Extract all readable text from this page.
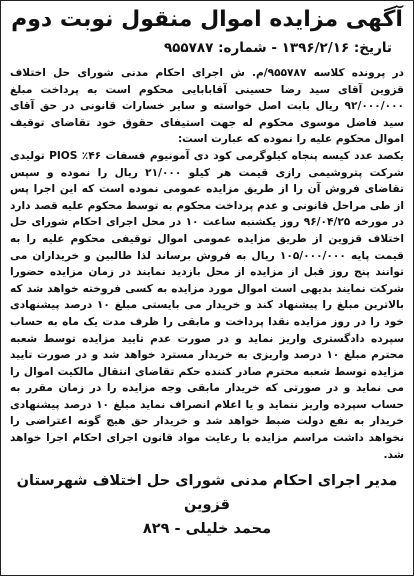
آگهی مزایده اموال منقول نوبت دوم
تاریخ: ۱۳۹۶/۲/۱۶ - شماره: ۹۵۵۷۸۷

در پرونده کلاسه ۹۵۵۷۸۷/م. ش اجرای احکام مدنی شورای حل اختلاف قزوین آقای سید رضا حسینی آقابابایی محکوم است به پرداخت مبلغ ۹۲/۰۰۰/۰۰۰ ریال بابت اصل خواسته و سایر خسارات قانونی در حق آقای سید فاضل موسوی محکوم له جهت استیفای حقوق خود تقاضای توقیف اموال محکوم علیه را نموده که عبارت است:

یکصد عدد کیسه پنجاه کیلوگرمی کود دی آمونیوم فسفات ۴۶٪ PIOS تولیدی شرکت پتروشیمی رازی قیمت هر کیلو ۲۱/۰۰۰ ریال را نموده و سپس تقاضای فروش آن را از طریق مزایده عمومی نموده است که این اجرا پس از طی مراحل قانونی و عدم پرداخت محکوم به توسط محکوم علیه قصد دارد در مورخه ۹۶/۰۴/۲۵ روز یکشنبه ساعت ۱۰ در محل اجرای احکام شورای حل اختلاف قزوین از طریق مزایده عمومی اموال توقیفی محکوم علیه را به قیمت پایه ۱۰۵/۰۰۰/۰۰۰ ریال به فروش برساند لذا طالبین و خریداران می توانند پنج روز قبل از مزایده از محل بازدید نمایند در زمان مزایده حضورا شرکت نمایند بدیهی است اموال مورد مزایده به کسی فروخته خواهد شد که بالاترین مبلغ را پیشنهاد کند و خریدار می بایستی مبلغ ۱۰ درصد پیشنهادی خود را در روز مزایده نقدا پرداخت و مابقی را ظرف مدت یک ماه به حساب سپرده دادگستری واریز نماید و در صورت عدم تایید مزایده توسط شعبه محترم مبلغ ۱۰ درصد واریزی به خریدار مسترد خواهد شد و در صورت تایید مزایده توسط شعبه محترم صادر کننده حکم تقاضای انتقال مالکیت اموال را می نماید و در صورتی که خریدار مابقی وجه مزایده را در زمان مقرر به حساب سپرده واریز ننماید و یا اعلام انصراف نماید مبلغ ۱۰ درصد پیشنهادی خریدار به نفع دولت ضبط خواهد شد و خریدار حق هیچ گونه اعتراضی را نخواهد داشت مراسم مزایده با رعایت مواد قانون اجرای احکام اجرا خواهد شد.

مدیر اجرای احکام مدنی شورای حل اختلاف شهرستان قزوین
محمد خلیلی - ۸۲۹
